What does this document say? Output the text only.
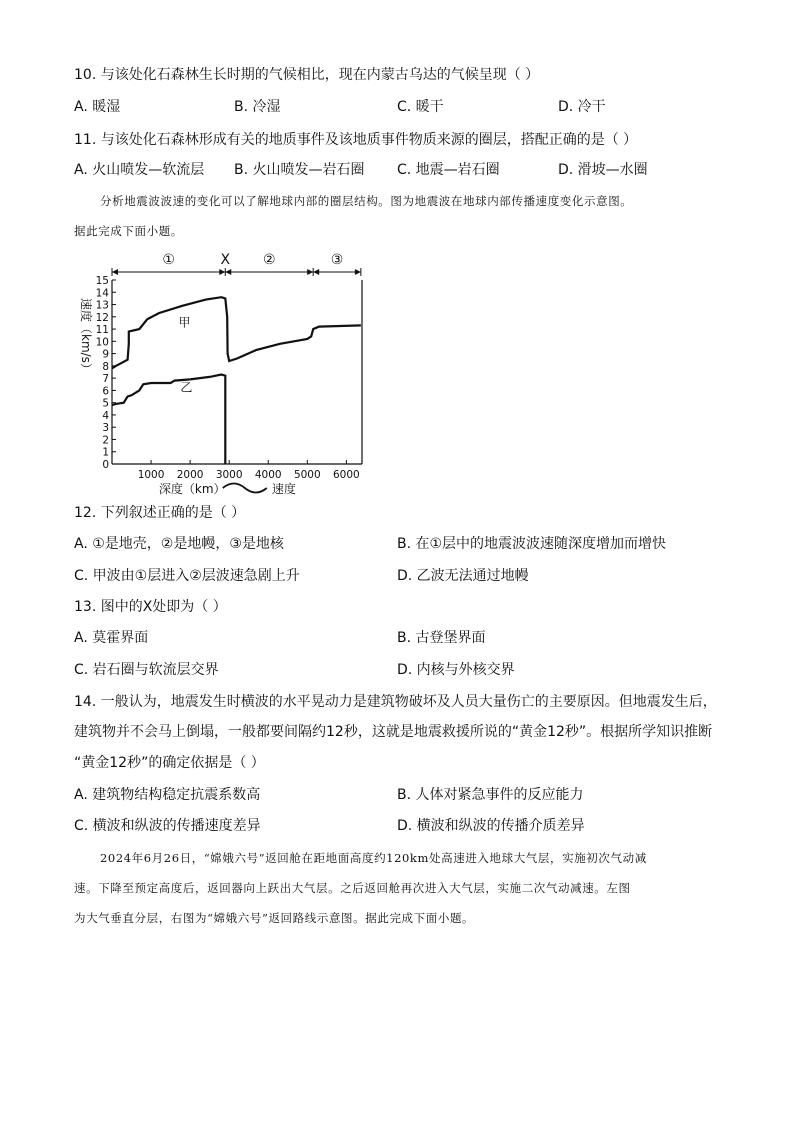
10. 与该处化石森林生长时期的气候相比，现在内蒙古乌达的气候呈现（ ）
A. 暖湿	B. 冷湿	C. 暖干	D. 冷干
11. 与该处化石森林形成有关的地质事件及该地质事件物质来源的圈层，搭配正确的是（ ）
A. 火山喷发—软流层 B. 火山喷发—岩石圈 C. 地震—岩石圈	D. 滑坡—水圈
分析地震波波速的变化可以了解地球内部的圈层结构。图为地震波在地球内部传播速度变化示意图。
据此完成下面小题。
①	X ②	③
0
1
2
3
4
5
6
7
8
9
10
11
12
13
14
15
1000 2000 3000 4000 5000 6000
甲
乙
速度（km/s）
深度（km）	速度
12. 下列叙述正确的是（ ）
A. ①是地壳，②是地幔，③是地核	B. 在①层中的地震波波速随深度增加而增快
C. 甲波由①层进入②层波速急剧上升	D. 乙波无法通过地幔
13. 图中的X处即为（ ）
A. 莫霍界面	B. 古登堡界面
C. 岩石圈与软流层交界	D. 内核与外核交界
14. 一般认为，地震发生时横波的水平晃动力是建筑物破坏及人员大量伤亡的主要原因。但地震发生后，
建筑物并不会马上倒塌，一般都要间隔约12秒，这就是地震救援所说的“黄金12秒”。根据所学知识推断
“黄金12秒”的确定依据是（ ）
A. 建筑物结构稳定抗震系数高	B. 人体对紧急事件的反应能力
C. 横波和纵波的传播速度差异	D. 横波和纵波的传播介质差异
2024年6月26日，“嫦娥六号”返回舱在距地面高度约120km处高速进入地球大气层，实施初次气动减
速。下降至预定高度后，返回器向上跃出大气层。之后返回舱再次进入大气层，实施二次气动减速。左图
为大气垂直分层，右图为“嫦娥六号”返回路线示意图。据此完成下面小题。
